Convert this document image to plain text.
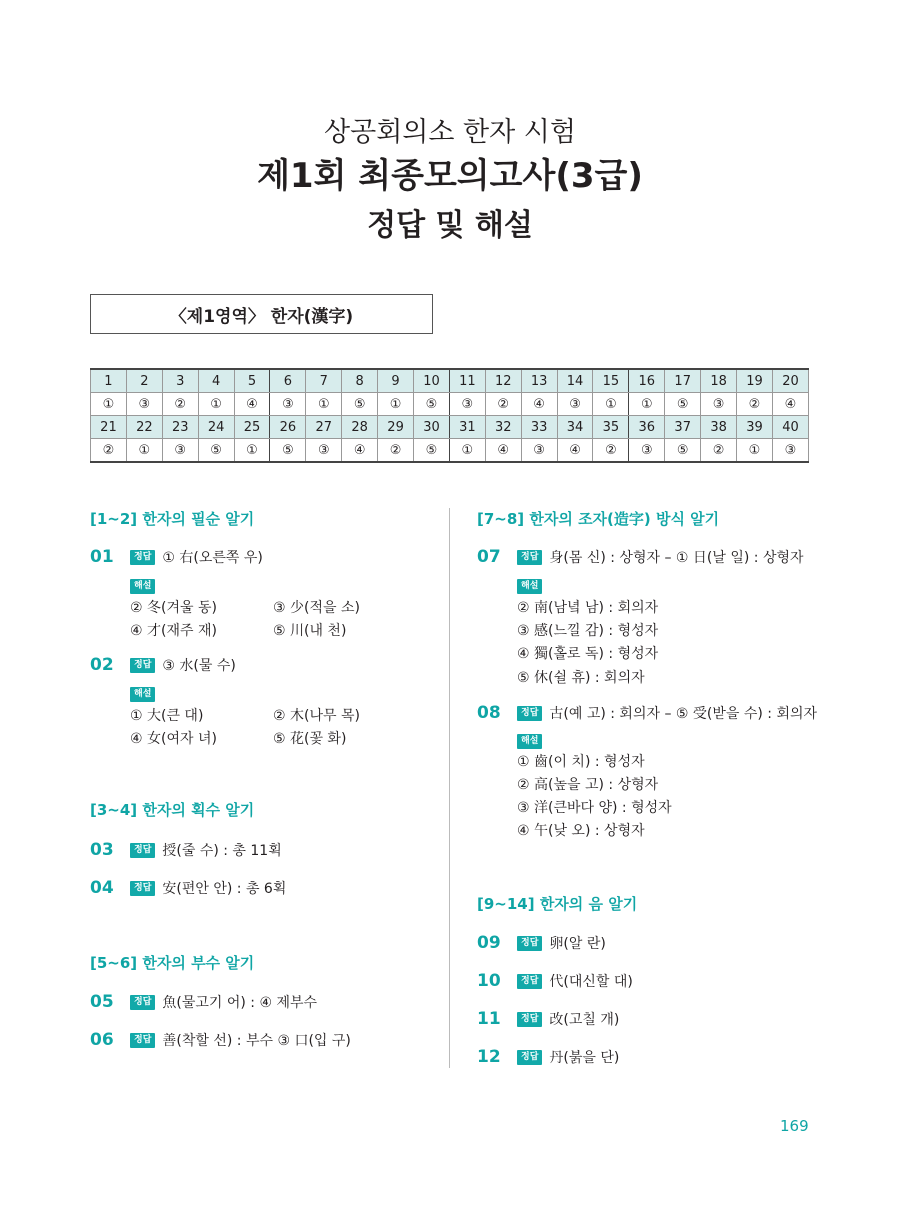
상공회의소 한자 시험
제1회 최종모의고사(3급)
정답 및 해설
〈제1영역〉 한자(漢字)
1	2	3	4	5	6	7	8	9	10	11	12	13	14	15	16	17	18	19	20
①	③	②	①	④	③	①	⑤	①	⑤	③	②	④	③	①	①	⑤	③	②	④
21	22	23	24	25	26	27	28	29	30	31	32	33	34	35	36	37	38	39	40
②	①	③	⑤	①	⑤	③	④	②	⑤	①	④	③	④	②	③	⑤	②	①	③
[1~2] 한자의 필순 알기
01	정답 ① 右(오른쪽 우)
해설
② 冬(겨울 동)	③ 少(적을 소)
④ 才(재주 재)	⑤ 川(내 천)
02	정답 ③ 水(물 수)
해설
① 大(큰 대)	② 木(나무 목)
④ 女(여자 녀)	⑤ 花(꽃 화)
[3~4] 한자의 획수 알기
03	정답 授(줄 수) : 총 11획
04	정답 安(편안 안) : 총 6획
[5~6] 한자의 부수 알기
05	정답 魚(물고기 어) : ④ 제부수
06	정답 善(착할 선) : 부수 ③ 口(입 구)
[7~8] 한자의 조자(造字) 방식 알기
07	정답 身(몸 신) : 상형자 – ① 日(날 일) : 상형자
해설
② 南(남녘 남) : 회의자
③ 感(느낄 감) : 형성자
④ 獨(홀로 독) : 형성자
⑤ 休(쉴 휴) : 회의자
08	정답 古(예 고) : 회의자 – ⑤ 受(받을 수) : 회의자
해설
① 齒(이 치) : 형성자
② 高(높을 고) : 상형자
③ 洋(큰바다 양) : 형성자
④ 午(낮 오) : 상형자
[9~14] 한자의 음 알기
09	정답 卵(알 란)
10	정답 代(대신할 대)
11	정답 改(고칠 개)
12	정답 丹(붉을 단)
169
